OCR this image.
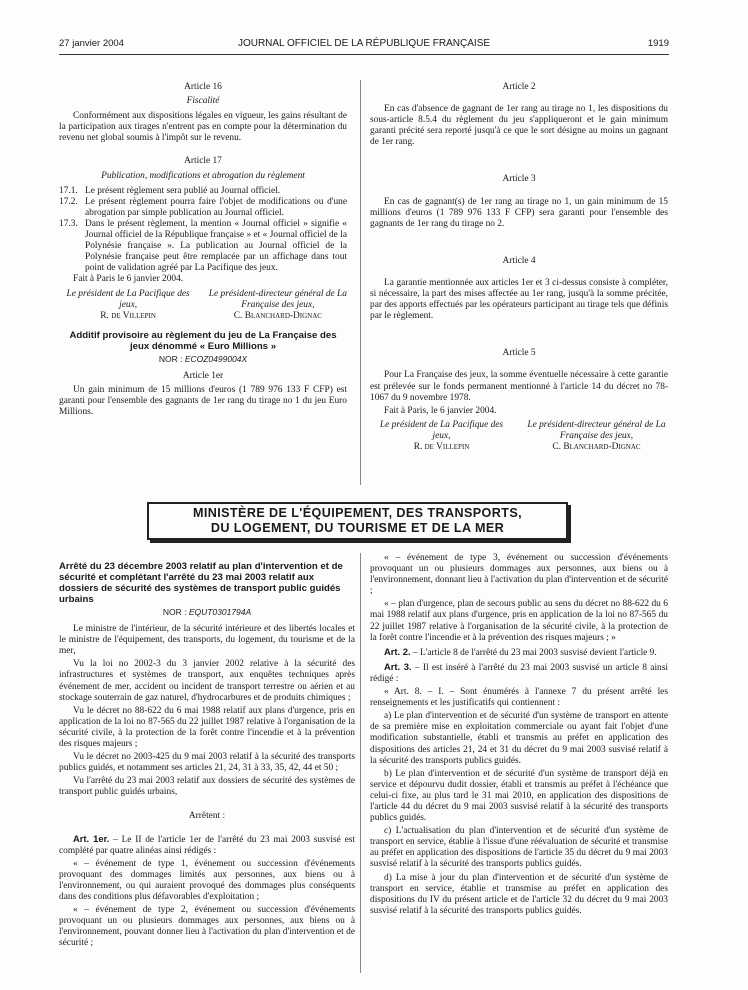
27 janvier 2004	JOURNAL OFFICIEL DE LA RÉPUBLIQUE FRANÇAISE	1919
Article 16
Fiscalité

Conformément aux dispositions légales en vigueur, les gains résultant de la participation aux tirages n'entrent pas en compte pour la détermination du revenu net global soumis à l'impôt sur le revenu.

Article 17
Publication, modifications et abrogation du règlement
17.1. Le présent règlement sera publié au Journal officiel.
17.2. Le présent règlement pourra faire l'objet de modifications ou d'une abrogation par simple publication au Journal officiel.
17.3. Dans le présent règlement, la mention « Journal officiel » signifie « Journal officiel de la République française » et « Journal officiel de la Polynésie française ». La publication au Journal officiel de la Polynésie française peut être remplacée par un affichage dans tout point de validation agréé par La Pacifique des jeux.

Fait à Paris le 6 janvier 2004.

Le président de La Pacifique des jeux,
R. de Villepin
Le président-directeur général de La Française des jeux,
C. Blanchard-Dignac
Additif provisoire au règlement du jeu de La Française des jeux dénommé « Euro Millions »
NOR : ECOZ0499004X
Article 1er

Un gain minimum de 15 millions d'euros (1 789 976 133 F CFP) est garanti pour l'ensemble des gagnants de 1er rang du tirage no 1 du jeu Euro Millions.

Article 2

En cas d'absence de gagnant de 1er rang au tirage no 1, les dispositions du sous-article 8.5.4 du règlement du jeu s'appliqueront et le gain minimum garanti précité sera reporté jusqu'à ce que le sort désigne au moins un gagnant de 1er rang.

Article 3

En cas de gagnant(s) de 1er rang au tirage no 1, un gain minimum de 15 millions d'euros (1 789 976 133 F CFP) sera garanti pour l'ensemble des gagnants de 1er rang du tirage no 2.

Article 4

La garantie mentionnée aux articles 1er et 3 ci-dessus consiste à compléter, si nécessaire, la part des mises affectée au 1er rang, jusqu'à la somme précitée, par des apports effectués par les opérateurs participant au tirage tels que définis par le règlement.

Article 5

Pour La Française des jeux, la somme éventuelle nécessaire à cette garantie est prélevée sur le fonds permanent mentionné à l'article 14 du décret no 78-1067 du 9 novembre 1978.

Fait à Paris, le 6 janvier 2004.

Le président de La Pacifique des jeux,
R. de Villepin
Le président-directeur général de La Française des jeux,
C. Blanchard-Dignac
MINISTÈRE DE L'ÉQUIPEMENT, DES TRANSPORTS,
DU LOGEMENT, DU TOURISME ET DE LA MER
Arrêté du 23 décembre 2003 relatif au plan d'intervention et de sécurité et complétant l'arrêté du 23 mai 2003 relatif aux dossiers de sécurité des systèmes de transport public guidés urbains
NOR : EQUT0301794A

Le ministre de l'intérieur, de la sécurité intérieure et des libertés locales et le ministre de l'équipement, des transports, du logement, du tourisme et de la mer,

Vu la loi no 2002-3 du 3 janvier 2002 relative à la sécurité des infrastructures et systèmes de transport, aux enquêtes techniques après événement de mer, accident ou incident de transport terrestre ou aérien et au stockage souterrain de gaz naturel, d'hydrocarbures et de produits chimiques ;

Vu le décret no 88-622 du 6 mai 1988 relatif aux plans d'urgence, pris en application de la loi no 87-565 du 22 juillet 1987 relative à l'organisation de la sécurité civile, à la protection de la forêt contre l'incendie et à la prévention des risques majeurs ;

Vu le décret no 2003-425 du 9 mai 2003 relatif à la sécurité des transports publics guidés, et notamment ses articles 21, 24, 31 à 33, 35, 42, 44 et 50 ;

Vu l'arrêté du 23 mai 2003 relatif aux dossiers de sécurité des systèmes de transport public guidés urbains,

Arrêtent :

Art. 1er. – Le II de l'article 1er de l'arrêté du 23 mai 2003 susvisé est complété par quatre alinéas ainsi rédigés :

« – événement de type 1, événement ou succession d'événements provoquant des dommages limités aux personnes, aux biens ou à l'environnement, ou qui auraient provoqué des dommages plus conséquents dans des conditions plus défavorables d'exploitation ;

« – événement de type 2, événement ou succession d'événements provoquant un ou plusieurs dommages aux personnes, aux biens ou à l'environnement, pouvant donner lieu à l'activation du plan d'intervention et de sécurité ;

« – événement de type 3, événement ou succession d'événements provoquant un ou plusieurs dommages aux personnes, aux biens ou à l'environnement, donnant lieu à l'activation du plan d'intervention et de sécurité ;

« – plan d'urgence, plan de secours public au sens du décret no 88-622 du 6 mai 1988 relatif aux plans d'urgence, pris en application de la loi no 87-565 du 22 juillet 1987 relative à l'organisation de la sécurité civile, à la protection de la forêt contre l'incendie et à la prévention des risques majeurs ; »

Art. 2. – L'article 8 de l'arrêté du 23 mai 2003 susvisé devient l'article 9.

Art. 3. – Il est inséré à l'arrêté du 23 mai 2003 susvisé un article 8 ainsi rédigé :

« Art. 8. – I. – Sont énumérés à l'annexe 7 du présent arrêté les renseignements et les justificatifs qui contiennent :

a) Le plan d'intervention et de sécurité d'un système de transport en attente de sa première mise en exploitation commerciale ou ayant fait l'objet d'une modification substantielle, établi et transmis au préfet en application des dispositions des articles 21, 24 et 31 du décret du 9 mai 2003 susvisé relatif à la sécurité des transports publics guidés.

b) Le plan d'intervention et de sécurité d'un système de transport déjà en service et dépourvu dudit dossier, établi et transmis au préfet à l'échéance que celui-ci fixe, au plus tard le 31 mai 2010, en application des dispositions de l'article 44 du décret du 9 mai 2003 susvisé relatif à la sécurité des transports publics guidés.

c) L'actualisation du plan d'intervention et de sécurité d'un système de transport en service, établie à l'issue d'une réévaluation de sécurité et transmise au préfet en application des dispositions de l'article 35 du décret du 9 mai 2003 susvisé relatif à la sécurité des transports publics guidés.

d) La mise à jour du plan d'intervention et de sécurité d'un système de transport en service, établie et transmise au préfet en application des dispositions du IV du présent article et de l'article 32 du décret du 9 mai 2003 susvisé relatif à la sécurité des transports publics guidés.
